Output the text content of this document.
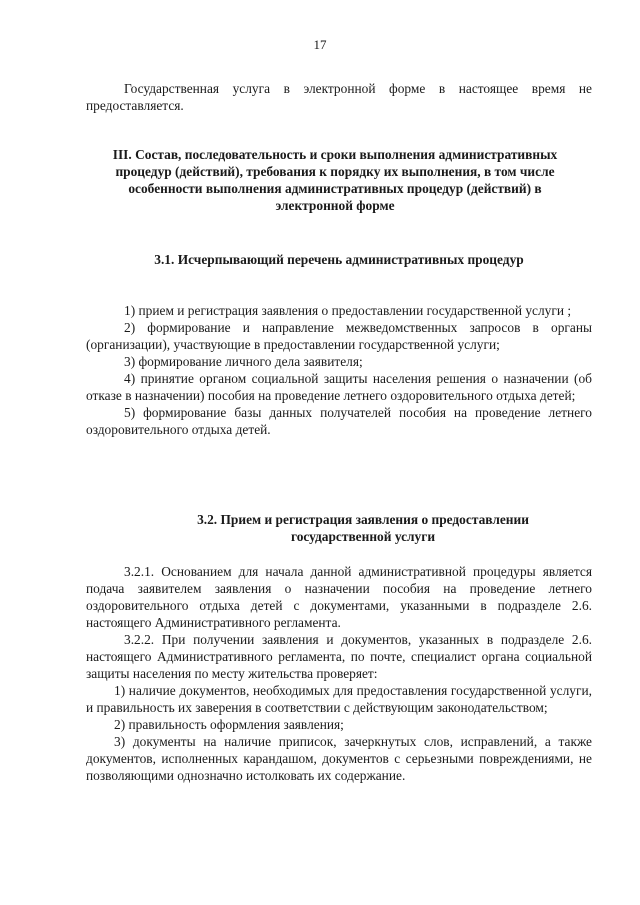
17

Государственная услуга в электронной форме в настоящее время не предоставляется.

III. Состав, последовательность и сроки выполнения административных процедур (действий), требования к порядку их выполнения, в том числе особенности выполнения административных процедур (действий) в электронной форме

3.1. Исчерпывающий перечень административных процедур

1) прием и регистрация заявления о предоставлении государственной услуги ;

2) формирование и направление межведомственных запросов в органы (организации), участвующие в предоставлении государственной услуги;

3) формирование личного дела заявителя;

4) принятие органом социальной защиты населения решения о назначении (об отказе в назначении) пособия на проведение летнего оздоровительного отдыха детей;

5) формирование базы данных получателей пособия на проведение летнего оздоровительного отдыха детей.

3.2. Прием и регистрация заявления о предоставлении государственной услуги

3.2.1. Основанием для начала данной административной процедуры является подача заявителем заявления о назначении пособия на проведение летнего оздоровительного отдыха детей с документами, указанными в подразделе 2.6. настоящего Административного регламента.

3.2.2. При получении заявления и документов, указанных в подразделе 2.6. настоящего Административного регламента, по почте, специалист органа социальной защиты населения по месту жительства проверяет:

1) наличие документов, необходимых для предоставления государственной услуги, и правильность их заверения в соответствии с действующим законодательством;

2) правильность оформления заявления;

3) документы на наличие приписок, зачеркнутых слов, исправлений, а также документов, исполненных карандашом, документов с серьезными повреждениями, не позволяющими однозначно истолковать их содержание.
